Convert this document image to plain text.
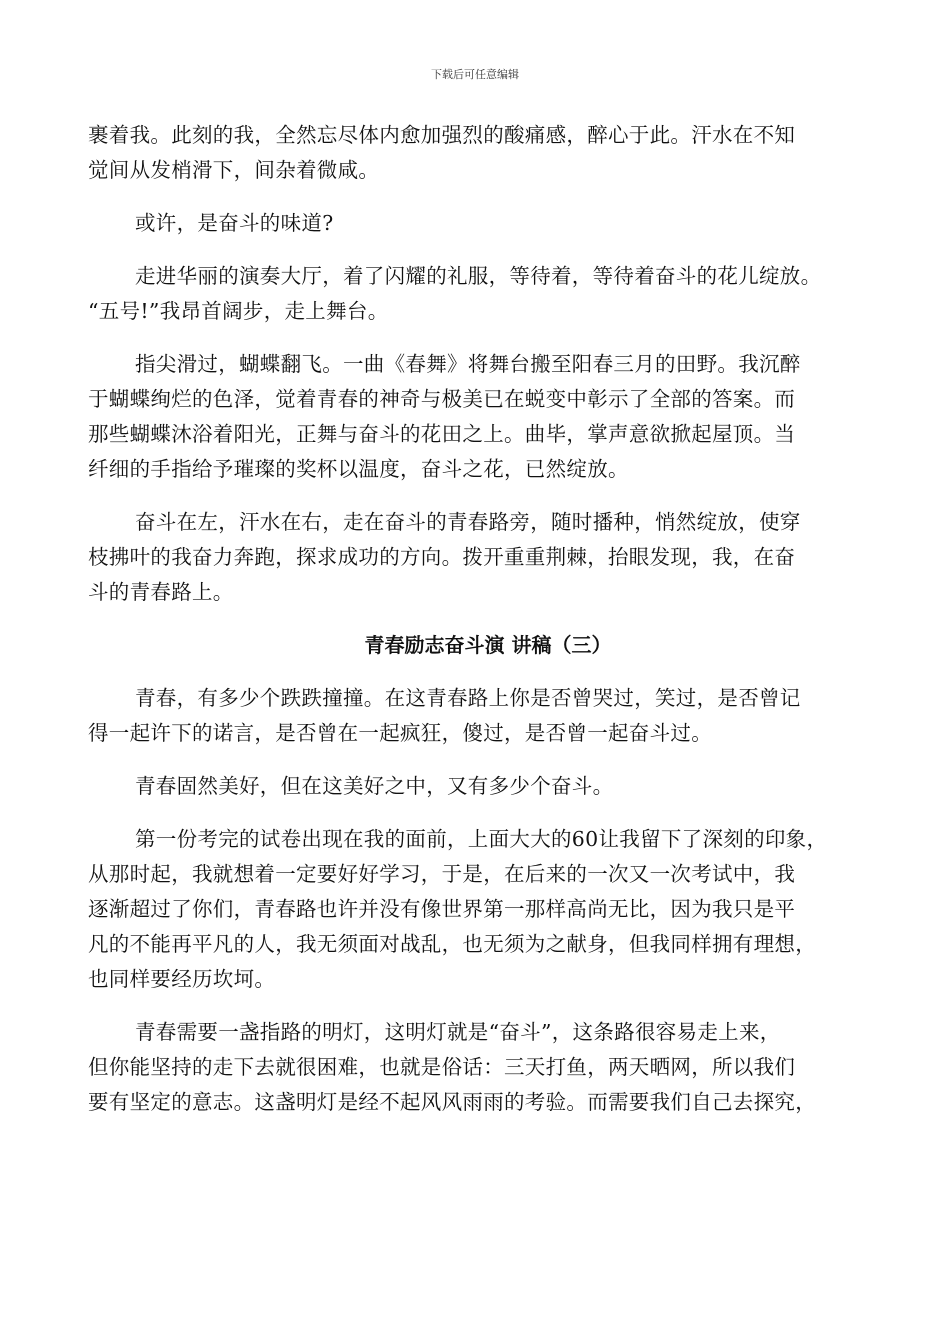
下载后可任意编辑
裹着我。此刻的我，全然忘尽体内愈加强烈的酸痛感，醉心于此。汗水在不知
觉间从发梢滑下，间杂着微咸。
或许，是奋斗的味道?
走进华丽的演奏大厅，着了闪耀的礼服，等待着，等待着奋斗的花儿绽放。
“五号!”我昂首阔步，走上舞台。
指尖滑过，蝴蝶翻飞。一曲《春舞》将舞台搬至阳春三月的田野。我沉醉
于蝴蝶绚烂的色泽，觉着青春的神奇与极美已在蜕变中彰示了全部的答案。而
那些蝴蝶沐浴着阳光，正舞与奋斗的花田之上。曲毕，掌声意欲掀起屋顶。当
纤细的手指给予璀璨的奖杯以温度，奋斗之花，已然绽放。
奋斗在左，汗水在右，走在奋斗的青春路旁，随时播种，悄然绽放，使穿
枝拂叶的我奋力奔跑，探求成功的方向。拨开重重荆棘，抬眼发现，我，在奋
斗的青春路上。
青春励志奋斗演 讲稿（三）
青春，有多少个跌跌撞撞。在这青春路上你是否曾哭过，笑过，是否曾记
得一起许下的诺言，是否曾在一起疯狂，傻过，是否曾一起奋斗过。
青春固然美好，但在这美好之中，又有多少个奋斗。
第一份考完的试卷出现在我的面前，上面大大的60让我留下了深刻的印象，
从那时起，我就想着一定要好好学习，于是，在后来的一次又一次考试中，我
逐渐超过了你们，青春路也许并没有像世界第一那样高尚无比，因为我只是平
凡的不能再平凡的人，我无须面对战乱，也无须为之献身，但我同样拥有理想，
也同样要经历坎坷。
青春需要一盏指路的明灯，这明灯就是“奋斗”，这条路很容易走上来，
但你能坚持的走下去就很困难，也就是俗话：三天打鱼，两天晒网，所以我们
要有坚定的意志。这盏明灯是经不起风风雨雨的考验。而需要我们自己去探究，
